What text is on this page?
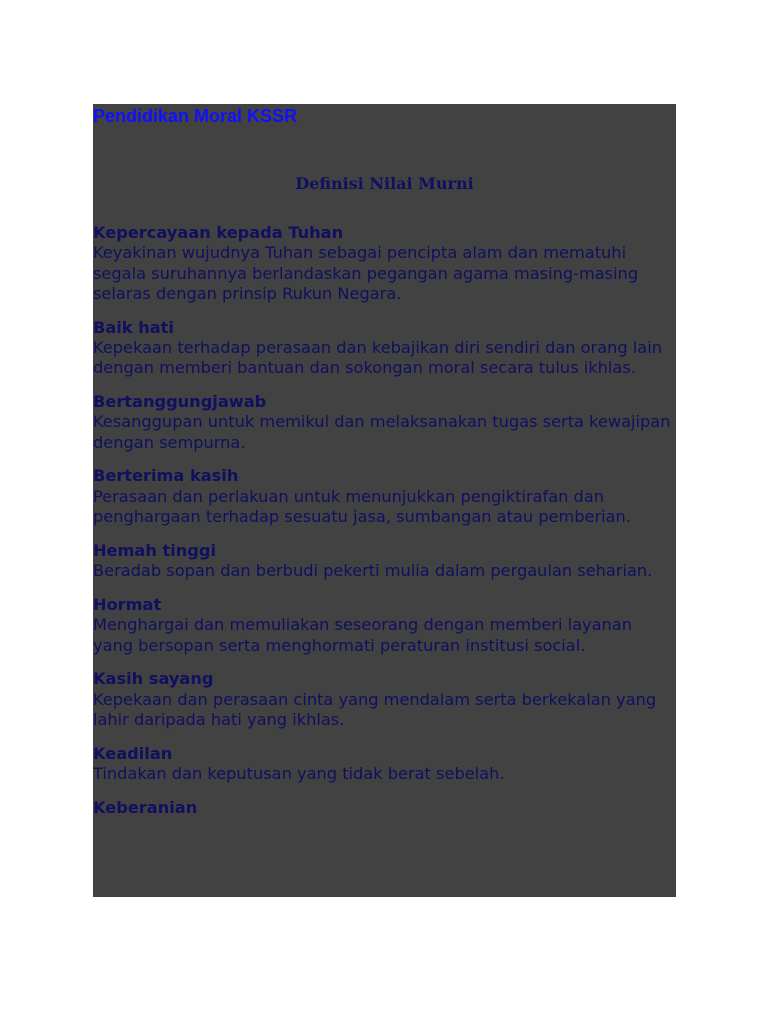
Pendidikan Moral KSSR
Definisi Nilai Murni
Kepercayaan kepada Tuhan
Keyakinan wujudnya Tuhan sebagai pencipta alam dan mematuhi segala suruhannya berlandaskan pegangan agama masing-masing selaras dengan prinsip Rukun Negara.
Baik hati
Kepekaan terhadap perasaan dan kebajikan diri sendiri dan orang lain dengan memberi bantuan dan sokongan moral secara tulus ikhlas.
Bertanggungjawab
Kesanggupan untuk memikul dan melaksanakan tugas serta kewajipan dengan sempurna.
Berterima kasih
Perasaan dan perlakuan untuk menunjukkan pengiktirafan dan penghargaan terhadap sesuatu jasa, sumbangan atau pemberian.
Hemah tinggi
Beradab sopan dan berbudi pekerti mulia dalam pergaulan seharian.
Hormat
Menghargai dan memuliakan seseorang dengan memberi layanan yang bersopan serta menghormati peraturan institusi social.
Kasih sayang
Kepekaan dan perasaan cinta yang mendalam serta berkekalan yang lahir daripada hati yang ikhlas.
Keadilan
Tindakan dan keputusan yang tidak berat sebelah.
Keberanian
